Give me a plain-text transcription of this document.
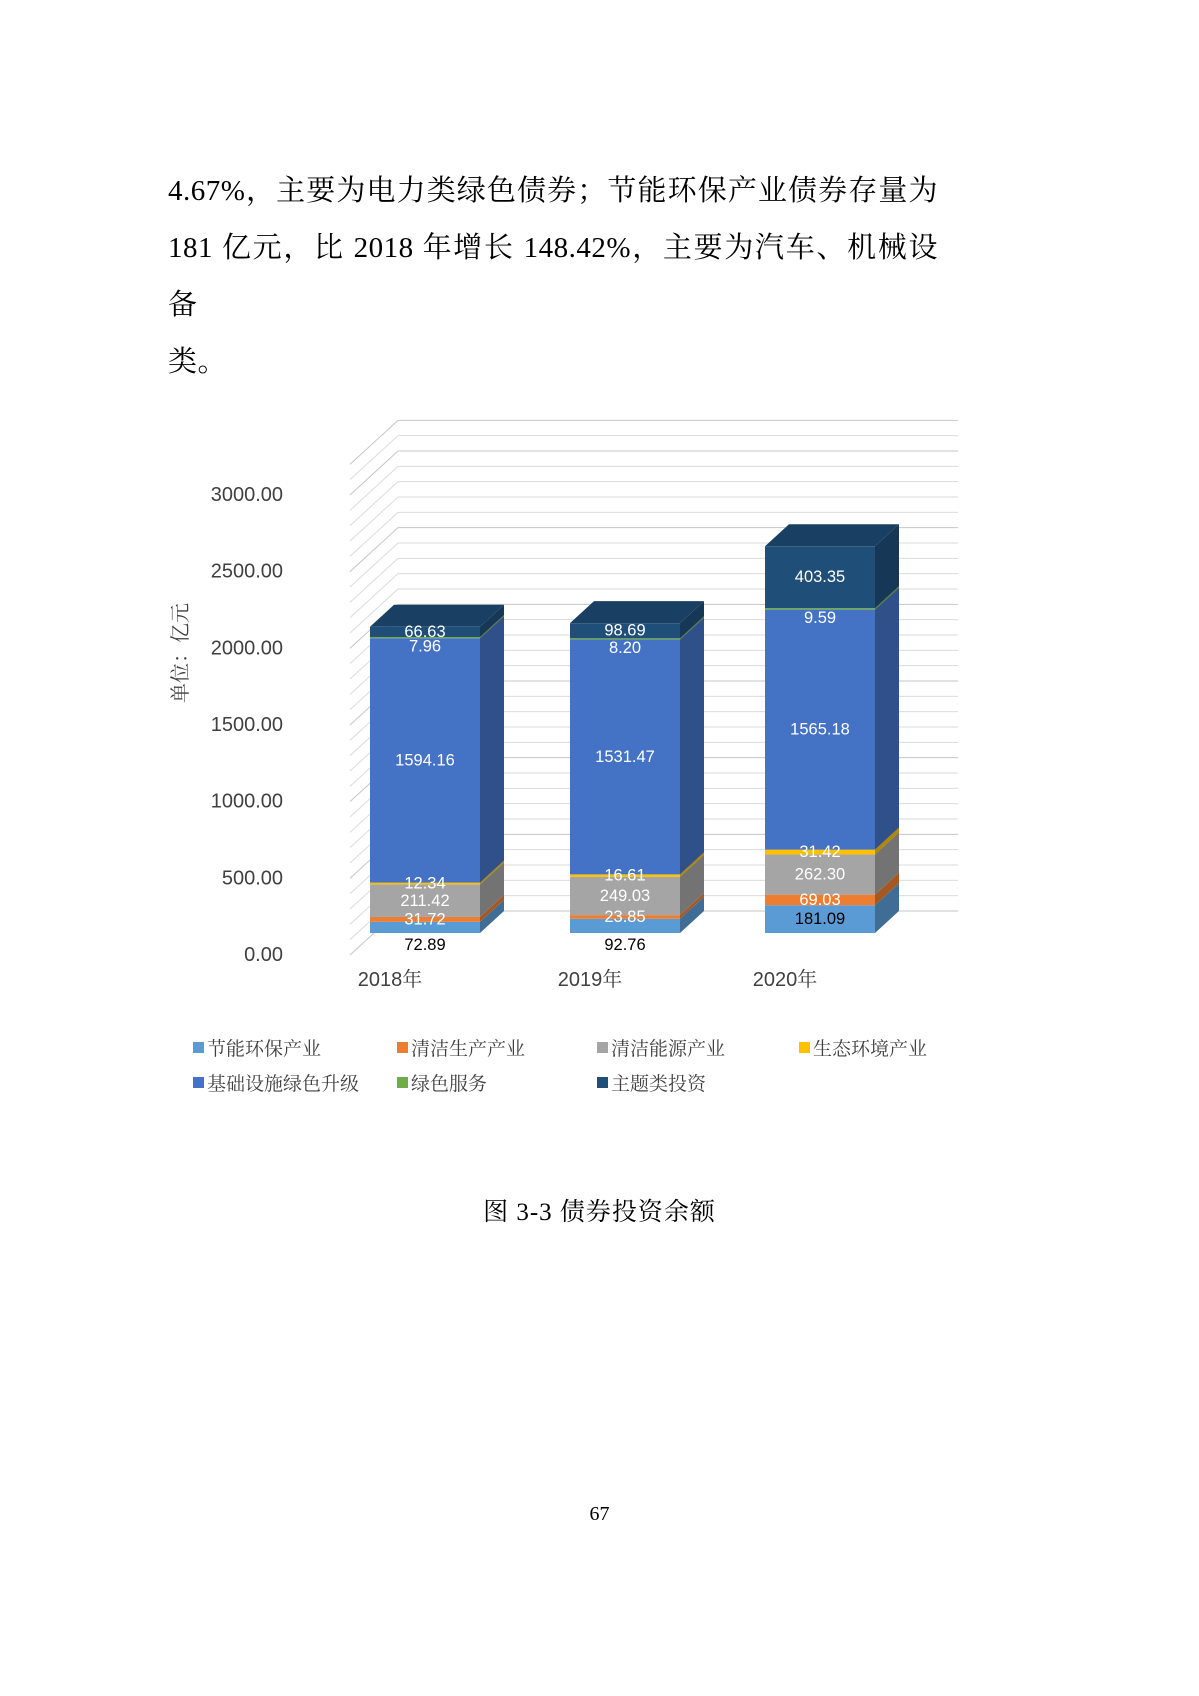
4.67%，主要为电力类绿色债券；节能环保产业债券存量为
181 亿元，比 2018 年增长 148.42%，主要为汽车、机械设备
类。

72.89
31.72
211.42
12.34
1594.16
7.96
66.63
92.76
23.85
249.03
16.61
1531.47
8.20
98.69
181.09
69.03
262.30
31.42
1565.18
9.59
403.35
2018年	2019年	2020年
0.00
500.00
1000.00
1500.00
2000.00
2500.00
3000.00
单位：亿元
节能环保产业	清洁生产产业	清洁能源产业	生态环境产业
基础设施绿色升级	绿色服务	主题类投资

图 3-3 债券投资余额

67
